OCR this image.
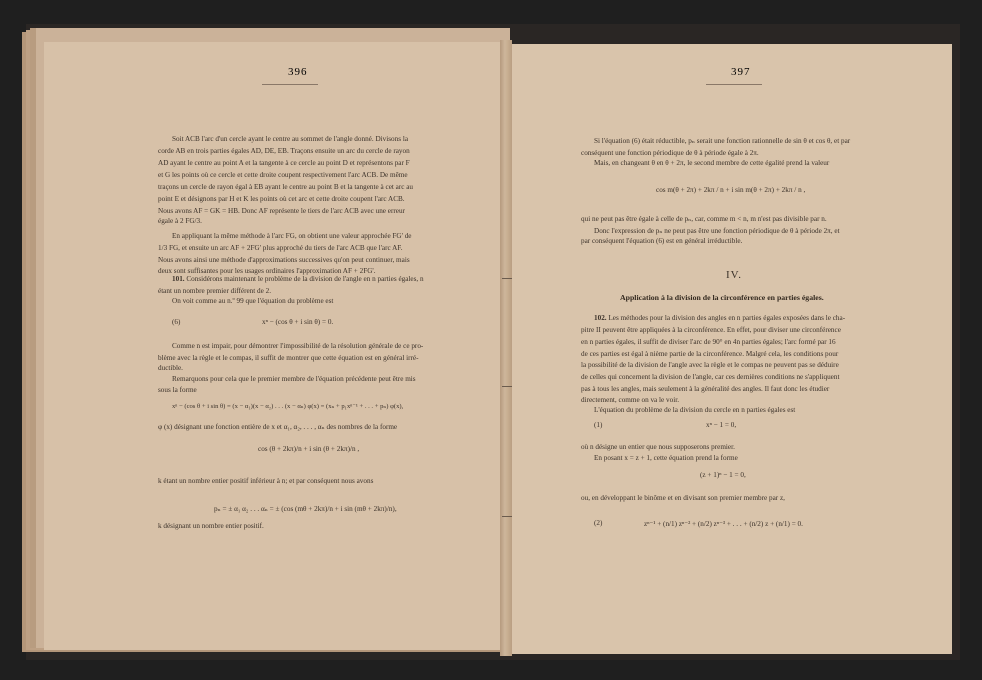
396
Soit ACB l'arc d'un cercle ayant le centre au sommet de l'angle donné. Divisons la
corde AB en trois parties égales AD, DE, EB. Traçons ensuite un arc du cercle de rayon
AD ayant le centre au point A et la tangente à ce cercle au point D et représentons par F
et G les points où ce cercle et cette droite coupent respectivement l'arc ACB. De même
traçons un cercle de rayon égal à EB ayant le centre au point B et la tangente à cet arc au
point E et désignons par H et K les points où cet arc et cette droite coupent l'arc ACB.
Nous avons AF = GK = HB. Donc AF représente le tiers de l'arc ACB avec une erreur
égale à 2 FG/3.
En appliquant la même méthode à l'arc FG, on obtient une valeur approchée FG' de
1/3 FG, et ensuite un arc AF + 2FG' plus approché du tiers de l'arc ACB que l'arc AF.
Nous avons ainsi une méthode d'approximations successives qu'on peut continuer, mais
deux sont suffisantes pour les usages ordinaires l'approximation AF + 2FG'.
101. Considérons maintenant le problème de la division de l'angle en n parties égales, n
étant un nombre premier différent de 2.
On voit comme au n.º 99 que l'équation du problème est
(6)	xⁿ − (cos θ + i sin θ) = 0.
Comme n est impair, pour démontrer l'impossibilité de la résolution générale de ce pro-
blème avec la règle et le compas, il suffit de montrer que cette équation est en général irré-
ductible.
Remarquons pour cela que le premier membre de l'équation précédente peut être mis
sous la forme
xⁿ − (cos θ + i sin θ) = (x − α₁)(x − α₂) . . . (x − αₙ) φ(x) = (xₙ + p₁xⁿ⁻¹ + . . . + pₙ) φ(x),
φ (x) désignant une fonction entière de x et α₁, α₂, . . . , αₙ des nombres de la forme
cos (θ + 2kπ)/n + i sin (θ + 2kπ)/n ,
k étant un nombre entier positif inférieur à n; et par conséquent nous avons
pₙ = ± α₁ α₂ . . . αₙ = ± (cos (mθ + 2kπ)/n + i sin (mθ + 2kπ)/n),
k désignant un nombre entier positif.
397
Si l'équation (6) était réductible, pₙ serait une fonction rationnelle de sin θ et cos θ, et par
conséquent une fonction périodique de θ à période égale à 2π.
Mais, en changeant θ en θ + 2π, le second membre de cette égalité prend la valeur
cos m(θ + 2π) + 2kπ / n + i sin m(θ + 2π) + 2kπ / n ,
qui ne peut pas être égale à celle de pₙ, car, comme m < n, m n'est pas divisible par n.
Donc l'expression de pₙ ne peut pas être une fonction périodique de θ à période 2π, et
par conséquent l'équation (6) est en général irréductible.
IV.
Application à la division de la circonférence en parties égales.
102. Les méthodes pour la division des angles en n parties égales exposées dans le cha-
pitre II peuvent être appliquées à la circonférence. En effet, pour diviser une circonférence
en n parties égales, il suffit de diviser l'arc de 90° en 4n parties égales; l'arc formé par 16
de ces parties est égal à nième partie de la circonférence. Malgré cela, les conditions pour
la possibilité de la division de l'angle avec la règle et le compas ne peuvent pas se déduire
de celles qui concernent la division de l'angle, car ces dernières conditions ne s'appliquent
pas à tous les angles, mais seulement à la généralité des angles. Il faut donc les étudier
directement, comme on va le voir.
L'équation du problème de la division du cercle en n parties égales est
(1)	xⁿ − 1 = 0,
où n désigne un entier que nous supposerons premier.
En posant x = z + 1, cette équation prend la forme
(z + 1)ⁿ − 1 = 0,
ou, en développant le binôme et en divisant son premier membre par z,
(2)	zⁿ⁻¹ + (n/1) zⁿ⁻² + (n/2) zⁿ⁻³ + . . . + (n/2) z + (n/1) = 0.
